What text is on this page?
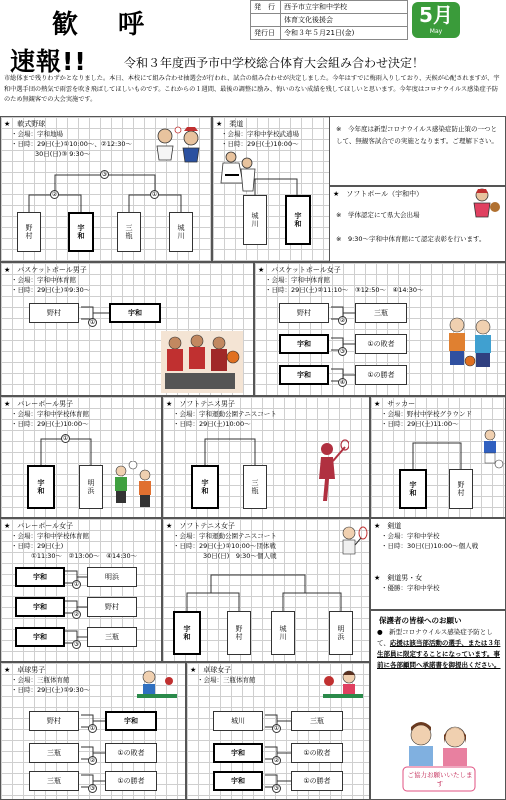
歓呼
発　行	西予市立宇和中学校
	体育文化後援会
発行日	令和３年５月21日(金)
5月
May
速報!!	令和３年度西予市中学校総合体育大会組み合わせ決定！
市総体まで残りわずかとなりました。本日、本校にて組み合わせ抽選会が行われ、試合の組み合わせが決定しました。今年はすでに梅雨入りしており、天候が心配されますが、宇和中選手団の熱気で雨雲を吹き飛ばしてほしいものです。これからの１週間、最後の調整に励み、悔いのない成績を残してほしいと思います。今年度はコロナウイルス感染症予防のため無観客での大会実施です。
★　軟式野球
・会場：宇和地場
・日時：29日(土)①10:00～、②12:30～
30日(日)③ 9:30～
③
②	①
野村	宇和	三瓶	城川
★　柔道
・会場：宇和中学校武道場
・日時：29日(土)10:00～
城川	宇和
※　今年度は新型コロナウイルス感染症防止策の一つとして、無観客試合での実施となります。ご理解下さい。
★　ソフトボール（宇和中）
※　学体認定にて県大会出場
※　9:30～宇和中体育館にて認定表彰を行います。
★　バスケットボール男子
・会場：宇和中体育館
・日時：29日(土)①9:30～
野村
①
宇和
★　バスケットボール女子
・会場：宇和中体育館
・日時：29日(土)②11:10～　③12:50～　④14:30～
野村
②
三瓶
宇和
③
①の敗者
宇和
④
①の勝者
★　バレーボール男子
・会場：宇和中学校体育館
・日時：29日(土)10:00～
①
宇和	明浜
★　ソフトテニス男子
・会場：宇和運動公園テニスコート
・日時：29日(土)10:00～
宇和	三瓶
★　サッカー
・会場：野村中学校グラウンド
・日時：29日(土)11:00～
宇和	野村
★　バレーボール女子
・会場：宇和中学校体育館
・日時：29日(土)
①11:30～　②13:00～　④14:30～
宇和
①
明浜
宇和
②
野村
宇和
③
三瓶
★　ソフトテニス女子
・会場：宇和運動公園テニスコート
・日時：29日(土)①10:00～団体戦
30日(日)　9:30～個人戦
宇和	野村	城川	明浜
★　剣道
・会場：宇和中学校
・日時：30日(日)10:00～個人戦
★　剣道男・女
・優勝：宇和中学校
保護者の皆様へのお願い
●　新型コロナウイルス感染症予防として、応援は該当部活動の選手、または３年生部員に限定することになっています。事前に各部顧問へ承諾書を御提出ください。
ご協力お願いいたします
★　卓球男子
・会場：三瓶体育館
・日時：29日(土)①9:30～
野村
①
宇和
三瓶
②
①の敗者
三瓶
③
①の勝者
★　卓球女子
・会場：三瓶体育館
城川
①
三瓶
宇和
②
①の敗者
宇和
③
①の勝者
